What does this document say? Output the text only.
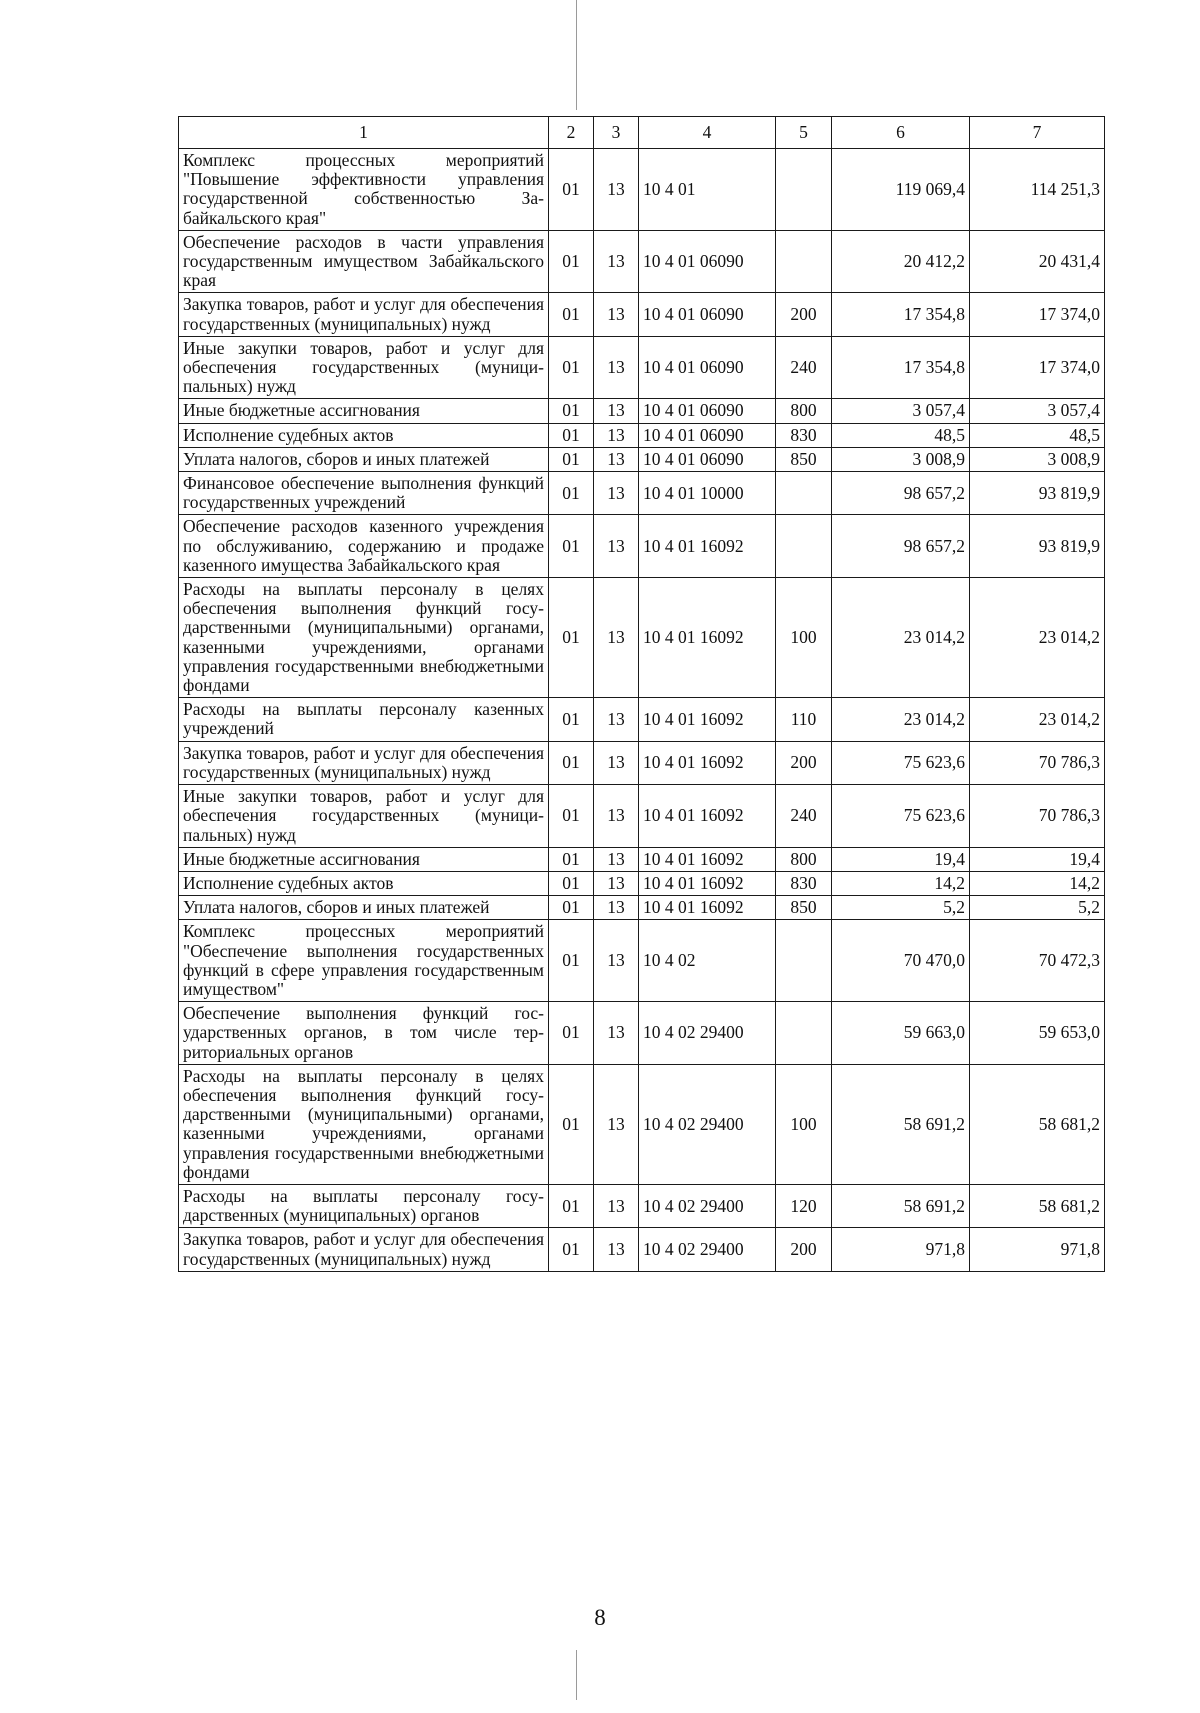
1	2	3	4	5	6	7
Комплекс процессных мероприятий "Повышение эффективности управления государственной собственностью Забайкальского края"	01	13	10 4 01		119 069,4	114 251,3
Обеспечение расходов в части управления государственным имуществом Забайкальского края	01	13	10 4 01 06090		20 412,2	20 431,4
Закупка товаров, работ и услуг для обеспечения государственных (муниципальных) нужд	01	13	10 4 01 06090	200	17 354,8	17 374,0
Иные закупки товаров, работ и услуг для обеспечения государственных (муниципальных) нужд	01	13	10 4 01 06090	240	17 354,8	17 374,0
Иные бюджетные ассигнования	01	13	10 4 01 06090	800	3 057,4	3 057,4
Исполнение судебных актов	01	13	10 4 01 06090	830	48,5	48,5
Уплата налогов, сборов и иных платежей	01	13	10 4 01 06090	850	3 008,9	3 008,9
Финансовое обеспечение выполнения функций государственных учреждений	01	13	10 4 01 10000		98 657,2	93 819,9
Обеспечение расходов казенного учреждения по обслуживанию, содержанию и продаже казенного имущества Забайкальского края	01	13	10 4 01 16092		98 657,2	93 819,9
Расходы на выплаты персоналу в целях обеспечения выполнения функций государственными (муниципальными) органами, казенными учреждениями, органами управления государственными внебюджетными фондами	01	13	10 4 01 16092	100	23 014,2	23 014,2
Расходы на выплаты персоналу казенных учреждений	01	13	10 4 01 16092	110	23 014,2	23 014,2
Закупка товаров, работ и услуг для обеспечения государственных (муниципальных) нужд	01	13	10 4 01 16092	200	75 623,6	70 786,3
Иные закупки товаров, работ и услуг для обеспечения государственных (муниципальных) нужд	01	13	10 4 01 16092	240	75 623,6	70 786,3
Иные бюджетные ассигнования	01	13	10 4 01 16092	800	19,4	19,4
Исполнение судебных актов	01	13	10 4 01 16092	830	14,2	14,2
Уплата налогов, сборов и иных платежей	01	13	10 4 01 16092	850	5,2	5,2
Комплекс процессных мероприятий "Обеспечение выполнения государственных функций в сфере управления государственным имуществом"	01	13	10 4 02		70 470,0	70 472,3
Обеспечение выполнения функций государственных органов, в том числе территориальных органов	01	13	10 4 02 29400		59 663,0	59 653,0
Расходы на выплаты персоналу в целях обеспечения выполнения функций государственными (муниципальными) органами, казенными учреждениями, органами управления государственными внебюджетными фондами	01	13	10 4 02 29400	100	58 691,2	58 681,2
Расходы на выплаты персоналу государственных (муниципальных) органов	01	13	10 4 02 29400	120	58 691,2	58 681,2
Закупка товаров, работ и услуг для обеспечения государственных (муниципальных) нужд	01	13	10 4 02 29400	200	971,8	971,8
8
